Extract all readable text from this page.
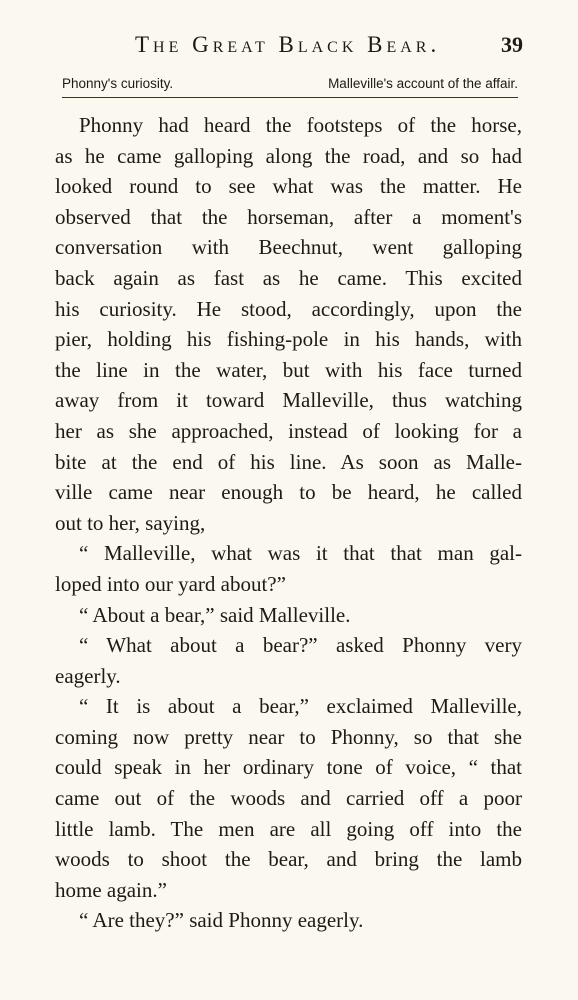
The Great Black Bear.	39
Phonny's curiosity.	Malleville's account of the affair.
Phonny had heard the footsteps of the horse,
as he came galloping along the road, and so had
looked round to see what was the matter. He
observed that the horseman, after a moment's
conversation with Beechnut, went galloping
back again as fast as he came. This excited
his curiosity. He stood, accordingly, upon the
pier, holding his fishing-pole in his hands, with
the line in the water, but with his face turned
away from it toward Malleville, thus watching
her as she approached, instead of looking for a
bite at the end of his line. As soon as Malle-
ville came near enough to be heard, he called
out to her, saying,
“ Malleville, what was it that that man gal-
loped into our yard about?”
“ About a bear,” said Malleville.
“ What about a bear?” asked Phonny very
eagerly.
“ It is about a bear,” exclaimed Malleville,
coming now pretty near to Phonny, so that she
could speak in her ordinary tone of voice, “ that
came out of the woods and carried off a poor
little lamb. The men are all going off into the
woods to shoot the bear, and bring the lamb
home again.”
“ Are they?” said Phonny eagerly.
